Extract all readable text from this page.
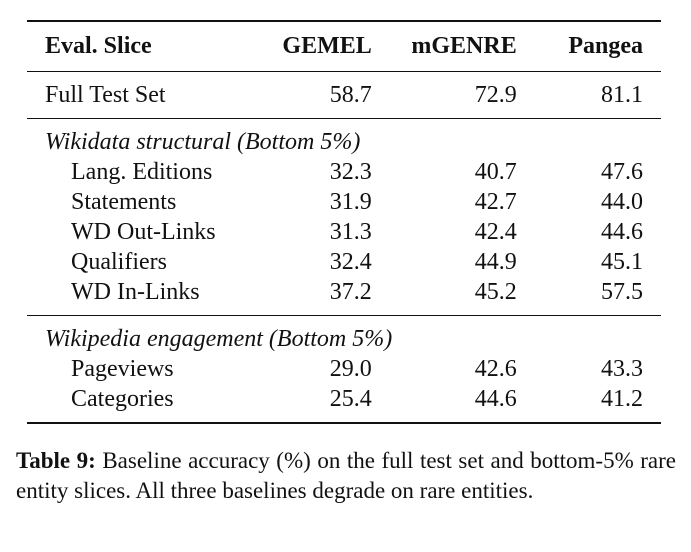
Eval. Slice	GEMEL	mGENRE	Pangea
Full Test Set	58.7	72.9	81.1
Wikidata structural (Bottom 5%)			
Lang. Editions	32.3	40.7	47.6
Statements	31.9	42.7	44.0
WD Out-Links	31.3	42.4	44.6
Qualifiers	32.4	44.9	45.1
WD In-Links	37.2	45.2	57.5
Wikipedia engagement (Bottom 5%)			
Pageviews	29.0	42.6	43.3
Categories	25.4	44.6	41.2
Table 9: Baseline accuracy (%) on the full test set and bottom-5% rare entity slices. All three baselines degrade on rare entities.
